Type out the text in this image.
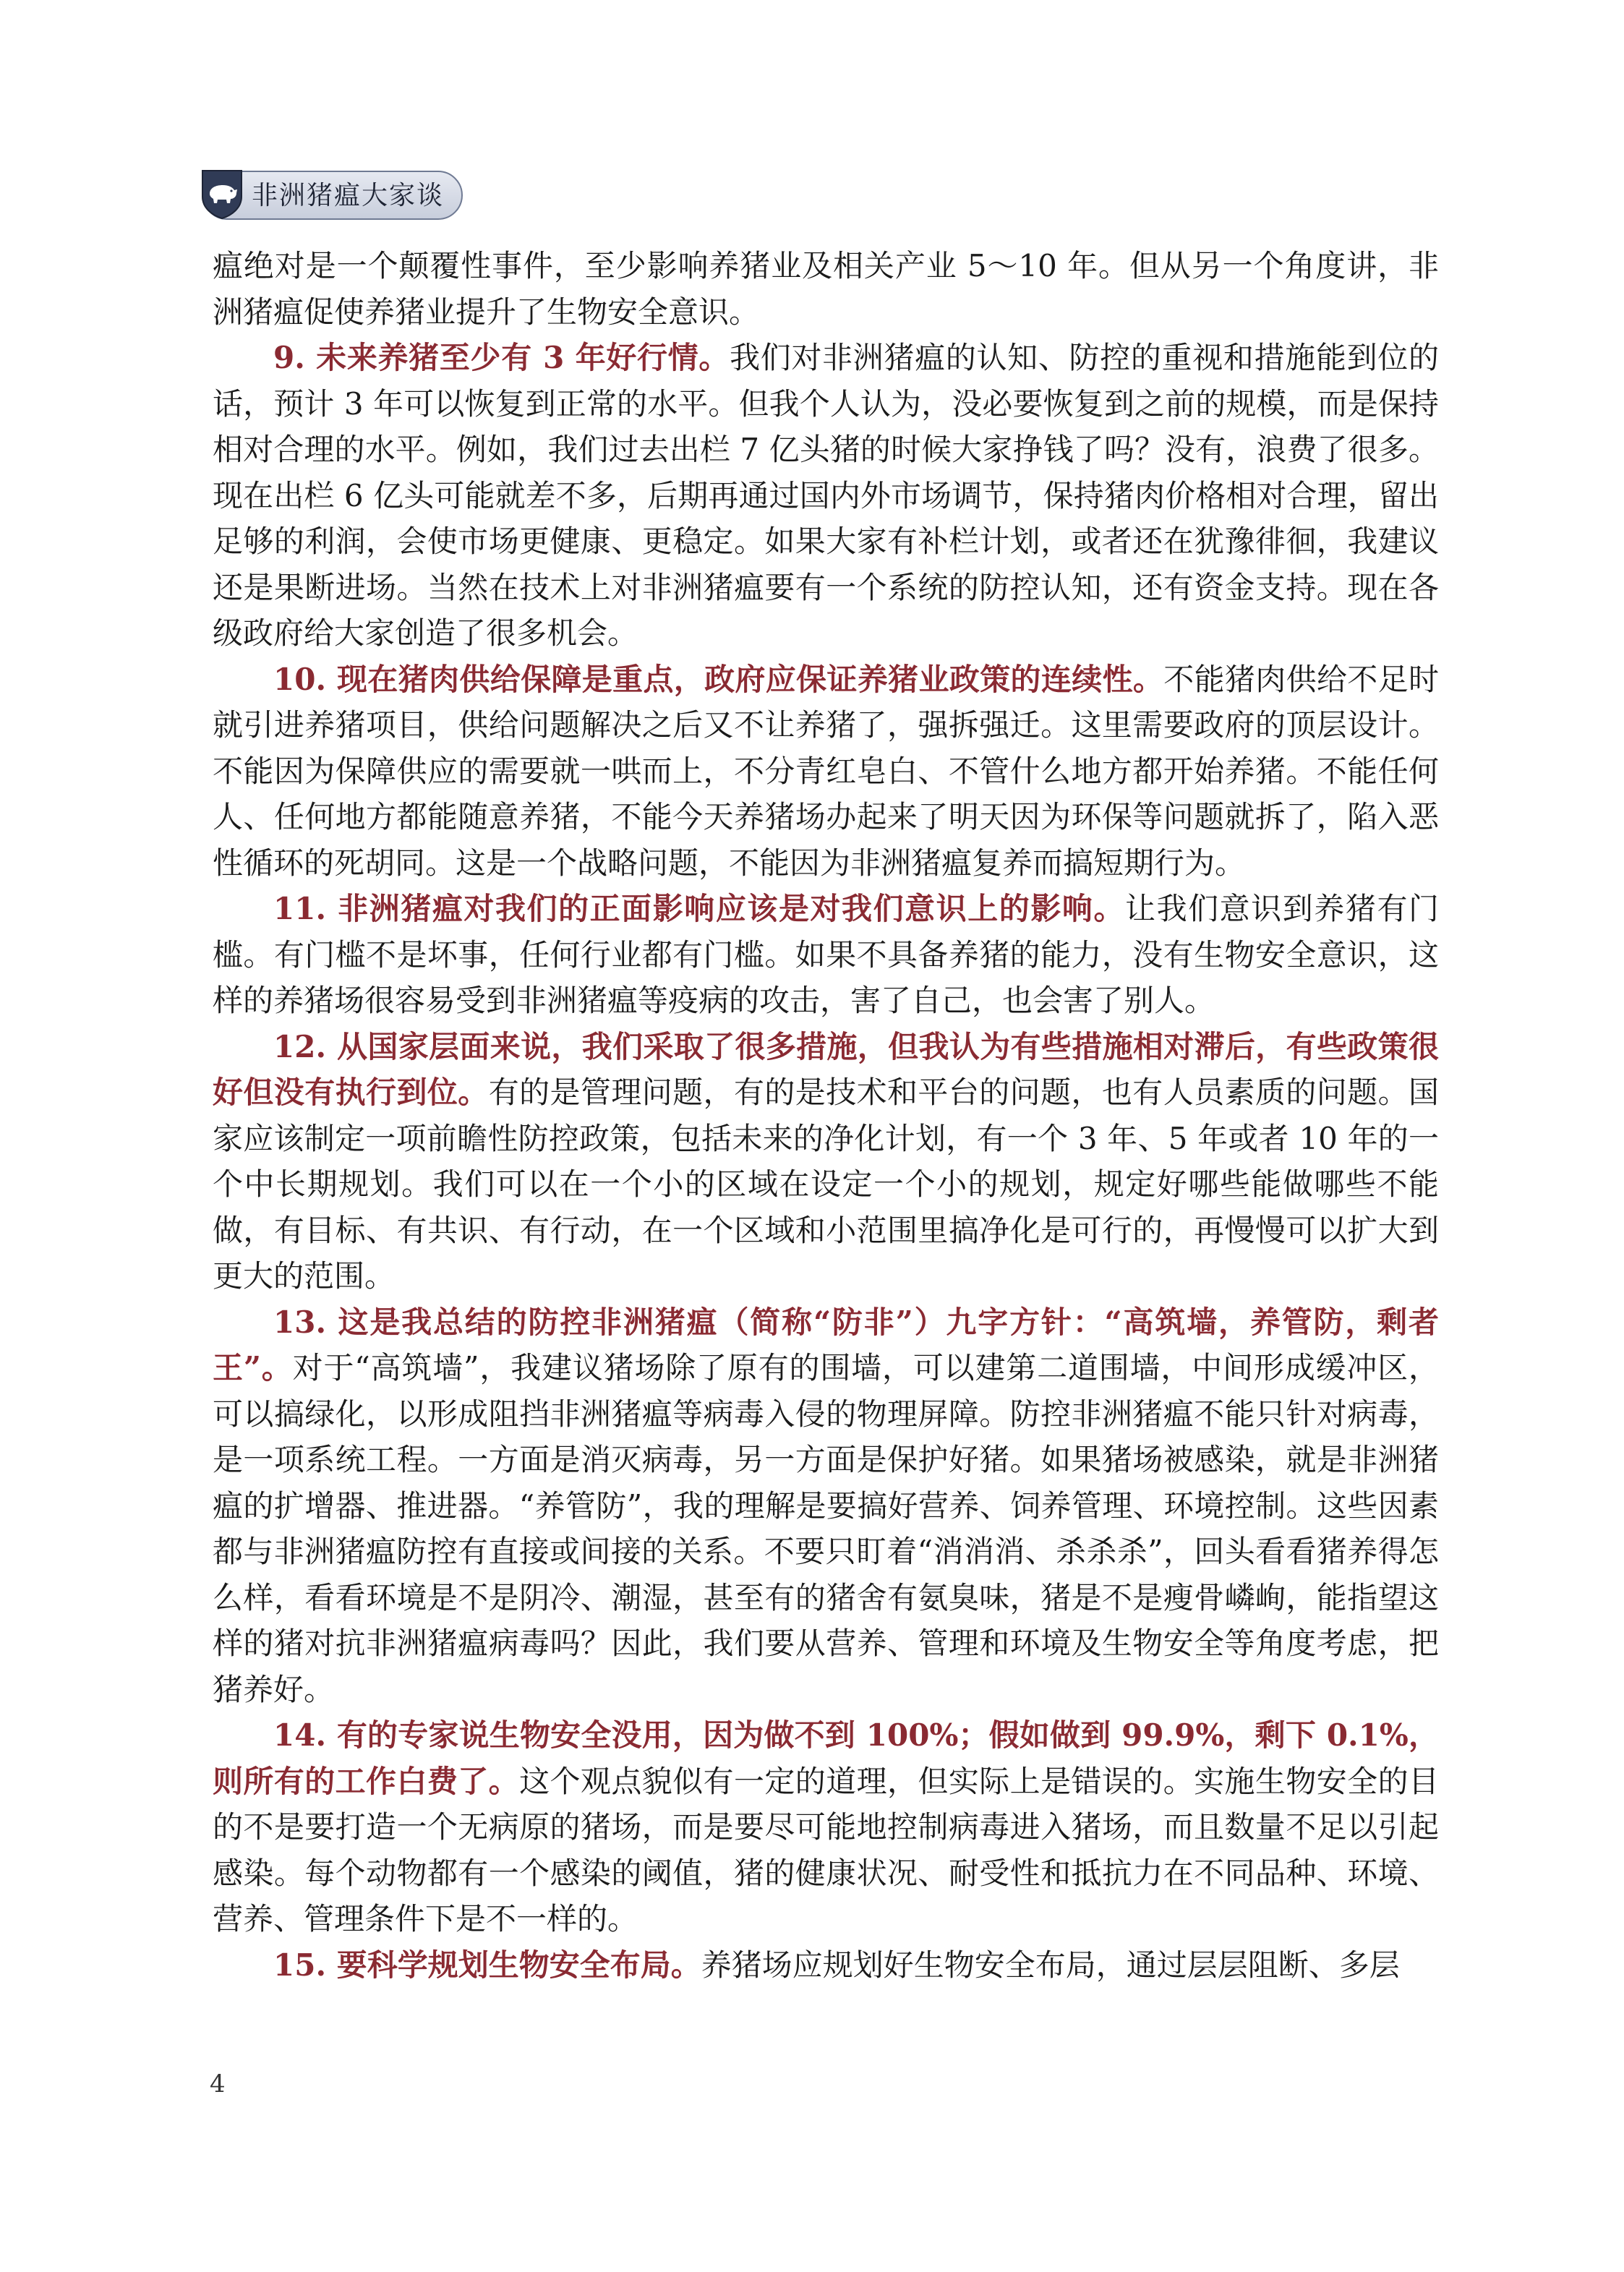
非洲猪瘟大家谈

瘟绝对是一个颠覆性事件，至少影响养猪业及相关产业 5～10 年。但从另一个角度讲，非洲猪瘟促使养猪业提升了生物安全意识。

9. 未来养猪至少有 3 年好行情。我们对非洲猪瘟的认知、防控的重视和措施能到位的话，预计 3 年可以恢复到正常的水平。但我个人认为，没必要恢复到之前的规模，而是保持相对合理的水平。例如，我们过去出栏 7 亿头猪的时候大家挣钱了吗？没有，浪费了很多。现在出栏 6 亿头可能就差不多，后期再通过国内外市场调节，保持猪肉价格相对合理，留出足够的利润，会使市场更健康、更稳定。如果大家有补栏计划，或者还在犹豫徘徊，我建议还是果断进场。当然在技术上对非洲猪瘟要有一个系统的防控认知，还有资金支持。现在各级政府给大家创造了很多机会。

10. 现在猪肉供给保障是重点，政府应保证养猪业政策的连续性。不能猪肉供给不足时就引进养猪项目，供给问题解决之后又不让养猪了，强拆强迁。这里需要政府的顶层设计。不能因为保障供应的需要就一哄而上，不分青红皂白、不管什么地方都开始养猪。不能任何人、任何地方都能随意养猪，不能今天养猪场办起来了明天因为环保等问题就拆了，陷入恶性循环的死胡同。这是一个战略问题，不能因为非洲猪瘟复养而搞短期行为。

11. 非洲猪瘟对我们的正面影响应该是对我们意识上的影响。让我们意识到养猪有门槛。有门槛不是坏事，任何行业都有门槛。如果不具备养猪的能力，没有生物安全意识，这样的养猪场很容易受到非洲猪瘟等疫病的攻击，害了自己，也会害了别人。

12. 从国家层面来说，我们采取了很多措施，但我认为有些措施相对滞后，有些政策很好但没有执行到位。有的是管理问题，有的是技术和平台的问题，也有人员素质的问题。国家应该制定一项前瞻性防控政策，包括未来的净化计划，有一个 3 年、5 年或者 10 年的一个中长期规划。我们可以在一个小的区域在设定一个小的规划，规定好哪些能做哪些不能做，有目标、有共识、有行动，在一个区域和小范围里搞净化是可行的，再慢慢可以扩大到更大的范围。

13. 这是我总结的防控非洲猪瘟（简称“防非”）九字方针：“高筑墙，养管防，剩者王”。对于“高筑墙”，我建议猪场除了原有的围墙，可以建第二道围墙，中间形成缓冲区，可以搞绿化，以形成阻挡非洲猪瘟等病毒入侵的物理屏障。防控非洲猪瘟不能只针对病毒，是一项系统工程。一方面是消灭病毒，另一方面是保护好猪。如果猪场被感染，就是非洲猪瘟的扩增器、推进器。“养管防”，我的理解是要搞好营养、饲养管理、环境控制。这些因素都与非洲猪瘟防控有直接或间接的关系。不要只盯着“消消消、杀杀杀”，回头看看猪养得怎么样，看看环境是不是阴冷、潮湿，甚至有的猪舍有氨臭味，猪是不是瘦骨嶙峋，能指望这样的猪对抗非洲猪瘟病毒吗？因此，我们要从营养、管理和环境及生物安全等角度考虑，把猪养好。

14. 有的专家说生物安全没用，因为做不到 100%；假如做到 99.9%，剩下 0.1%，则所有的工作白费了。这个观点貌似有一定的道理，但实际上是错误的。实施生物安全的目的不是要打造一个无病原的猪场，而是要尽可能地控制病毒进入猪场，而且数量不足以引起感染。每个动物都有一个感染的阈值，猪的健康状况、耐受性和抵抗力在不同品种、环境、营养、管理条件下是不一样的。

15. 要科学规划生物安全布局。养猪场应规划好生物安全布局，通过层层阻断、多层

4
